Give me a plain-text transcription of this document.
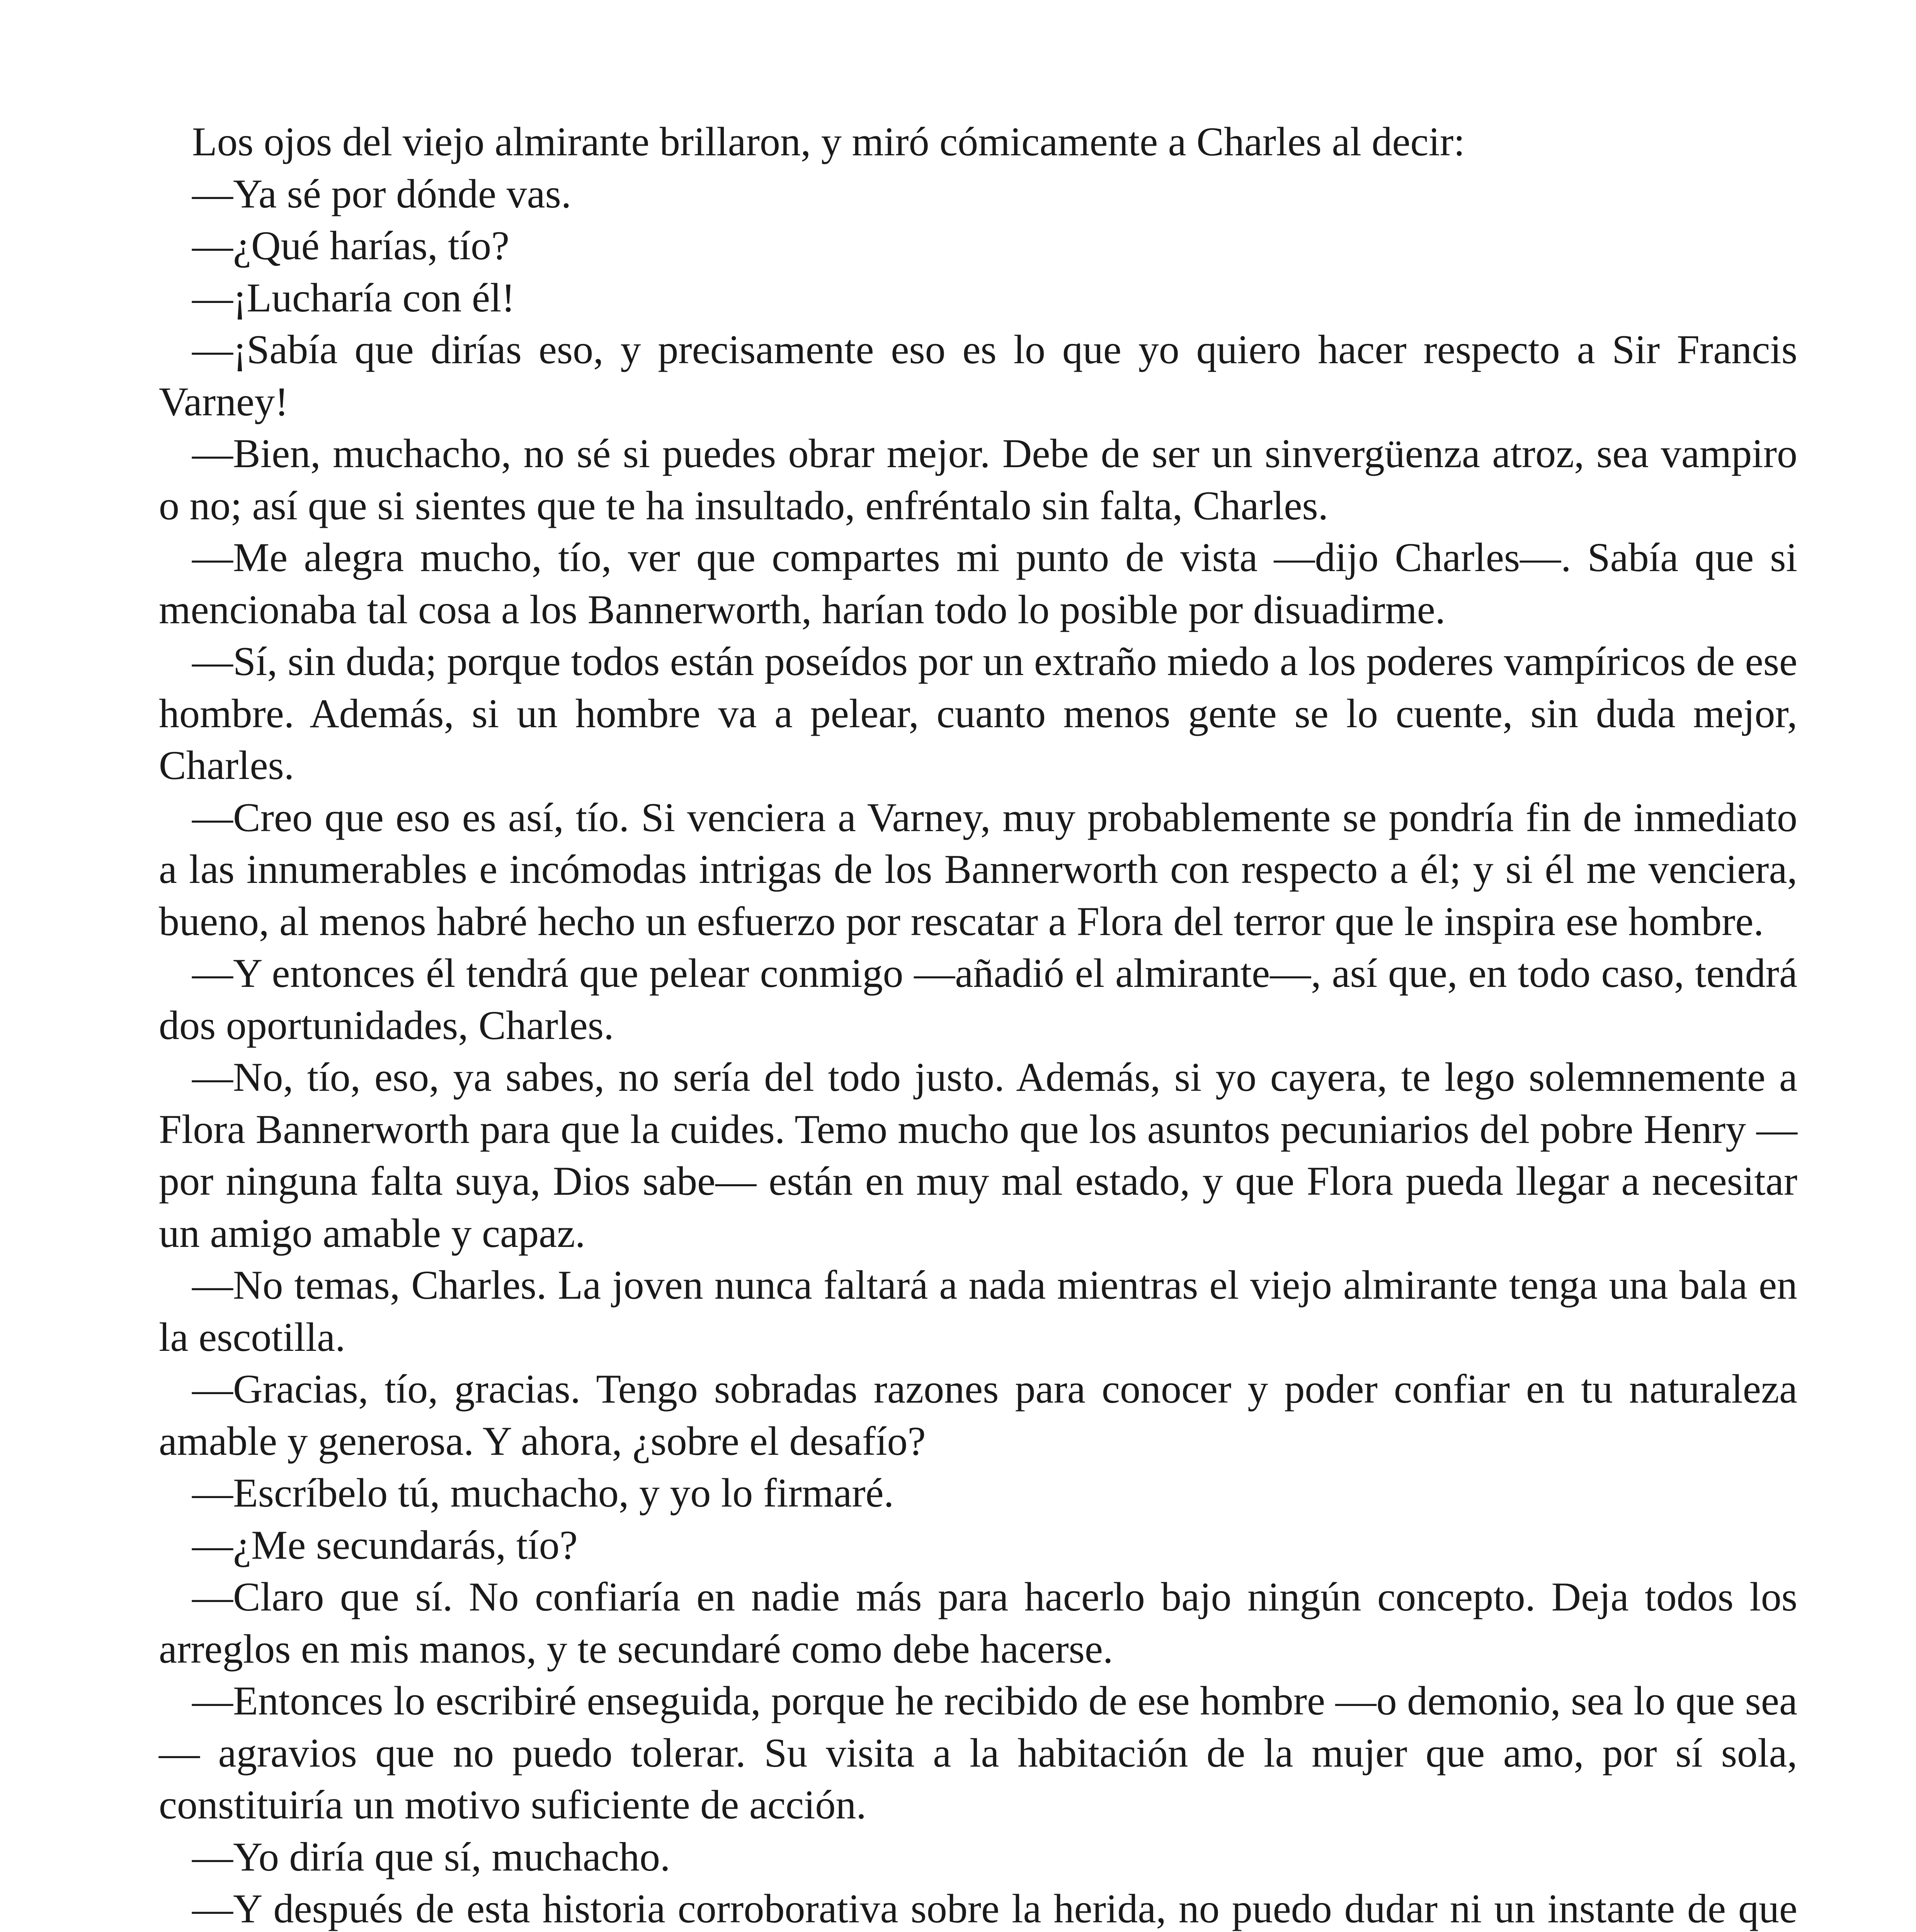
Los ojos del viejo almirante brillaron, y miró cómicamente a Charles al decir:

—Ya sé por dónde vas.

—¿Qué harías, tío?

—¡Lucharía con él!

—¡Sabía que dirías eso, y precisamente eso es lo que yo quiero hacer respecto a Sir Francis Varney!

—Bien, muchacho, no sé si puedes obrar mejor. Debe de ser un sinvergüenza atroz, sea vampiro o no; así que si sientes que te ha insultado, enfréntalo sin falta, Charles.

—Me alegra mucho, tío, ver que compartes mi punto de vista —dijo Charles—. Sabía que si mencionaba tal cosa a los Bannerworth, harían todo lo posible por disuadirme.

—Sí, sin duda; porque todos están poseídos por un extraño miedo a los poderes vampíricos de ese hombre. Además, si un hombre va a pelear, cuanto menos gente se lo cuente, sin duda mejor, Charles.

—Creo que eso es así, tío. Si venciera a Varney, muy probablemente se pondría fin de inmediato a las innumerables e incómodas intrigas de los Bannerworth con respecto a él; y si él me venciera, bueno, al menos habré hecho un esfuerzo por rescatar a Flora del terror que le inspira ese hombre.

—Y entonces él tendrá que pelear conmigo —añadió el almirante—, así que, en todo caso, tendrá dos oportunidades, Charles.

—No, tío, eso, ya sabes, no sería del todo justo. Además, si yo cayera, te lego solemnemente a Flora Bannerworth para que la cuides. Temo mucho que los asuntos pecuniarios del pobre Henry —por ninguna falta suya, Dios sabe— están en muy mal estado, y que Flora pueda llegar a necesitar un amigo amable y capaz.

—No temas, Charles. La joven nunca faltará a nada mientras el viejo almirante tenga una bala en la escotilla.

—Gracias, tío, gracias. Tengo sobradas razones para conocer y poder confiar en tu naturaleza amable y generosa. Y ahora, ¿sobre el desafío?

—Escríbelo tú, muchacho, y yo lo firmaré.

—¿Me secundarás, tío?

—Claro que sí. No confiaría en nadie más para hacerlo bajo ningún concepto. Deja todos los arreglos en mis manos, y te secundaré como debe hacerse.

—Entonces lo escribiré enseguida, porque he recibido de ese hombre —o demonio, sea lo que sea— agravios que no puedo tolerar. Su visita a la habitación de la mujer que amo, por sí sola, constituiría un motivo suficiente de acción.

—Yo diría que sí, muchacho.

—Y después de esta historia corroborativa sobre la herida, no puedo dudar ni un instante de que
